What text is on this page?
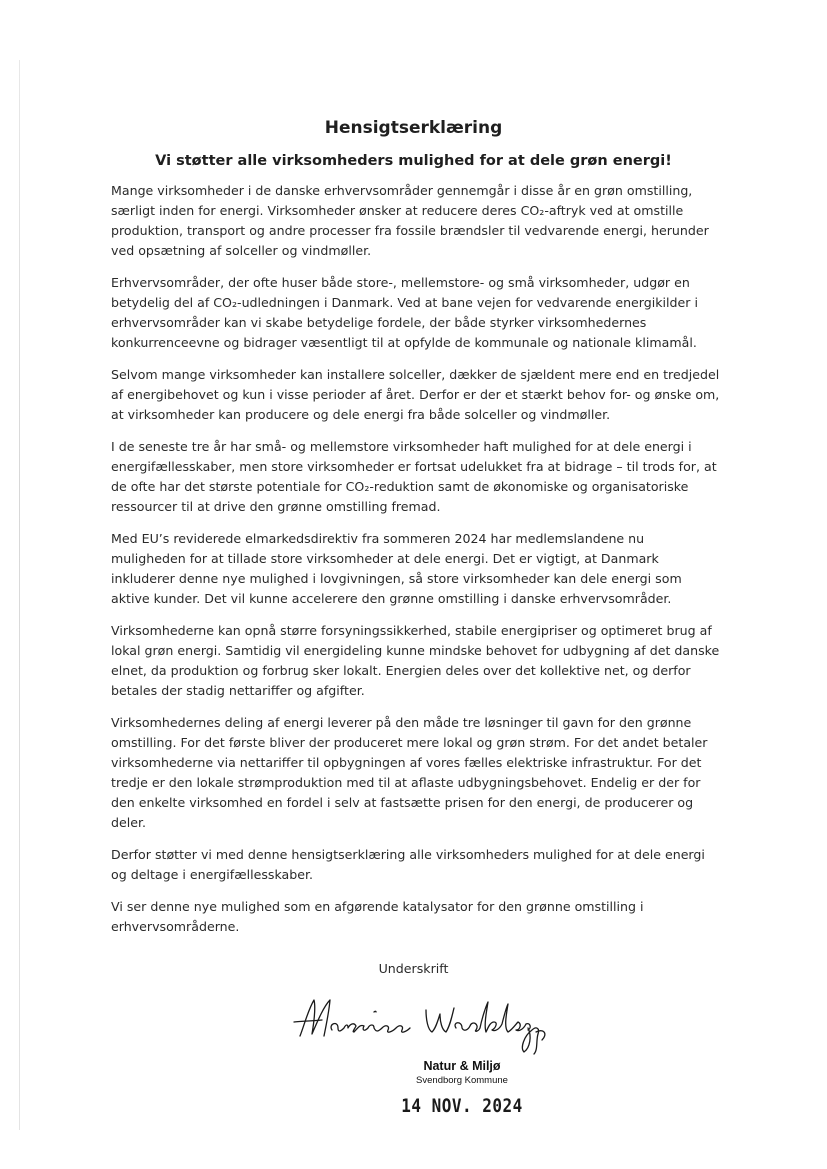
Hensigtserklæring
Vi støtter alle virksomheders mulighed for at dele grøn energi!

Mange virksomheder i de danske erhvervsområder gennemgår i disse år en grøn omstilling, særligt inden for energi. Virksomheder ønsker at reducere deres CO₂-aftryk ved at omstille produktion, transport og andre processer fra fossile brændsler til vedvarende energi, herunder ved opsætning af solceller og vindmøller.

Erhvervsområder, der ofte huser både store-, mellemstore- og små virksomheder, udgør en betydelig del af CO₂-udledningen i Danmark. Ved at bane vejen for vedvarende energikilder i erhvervsområder kan vi skabe betydelige fordele, der både styrker virksomhedernes konkurrenceevne og bidrager væsentligt til at opfylde de kommunale og nationale klimamål.

Selvom mange virksomheder kan installere solceller, dækker de sjældent mere end en tredjedel af energibehovet og kun i visse perioder af året. Derfor er der et stærkt behov for- og ønske om, at virksomheder kan producere og dele energi fra både solceller og vindmøller.

I de seneste tre år har små- og mellemstore virksomheder haft mulighed for at dele energi i energifællesskaber, men store virksomheder er fortsat udelukket fra at bidrage – til trods for, at de ofte har det største potentiale for CO₂-reduktion samt de økonomiske og organisatoriske ressourcer til at drive den grønne omstilling fremad.

Med EU’s reviderede elmarkedsdirektiv fra sommeren 2024 har medlemslandene nu muligheden for at tillade store virksomheder at dele energi. Det er vigtigt, at Danmark inkluderer denne nye mulighed i lovgivningen, så store virksomheder kan dele energi som aktive kunder. Det vil kunne accelerere den grønne omstilling i danske erhvervsområder.

Virksomhederne kan opnå større forsyningssikkerhed, stabile energipriser og optimeret brug af lokal grøn energi. Samtidig vil energideling kunne mindske behovet for udbygning af det danske elnet, da produktion og forbrug sker lokalt. Energien deles over det kollektive net, og derfor betales der stadig nettariffer og afgifter.

Virksomhedernes deling af energi leverer på den måde tre løsninger til gavn for den grønne omstilling. For det første bliver der produceret mere lokal og grøn strøm. For det andet betaler virksomhederne via nettariffer til opbygningen af vores fælles elektriske infrastruktur. For det tredje er den lokale strømproduktion med til at aflaste udbygningsbehovet. Endelig er der for den enkelte virksomhed en fordel i selv at fastsætte prisen for den energi, de producerer og deler.

Derfor støtter vi med denne hensigtserklæring alle virksomheders mulighed for at dele energi og deltage i energifællesskaber.

Vi ser denne nye mulighed som en afgørende katalysator for den grønne omstilling i erhvervsområderne.

Underskrift
Natur & Miljø
Svendborg Kommune
14 NOV. 2024
